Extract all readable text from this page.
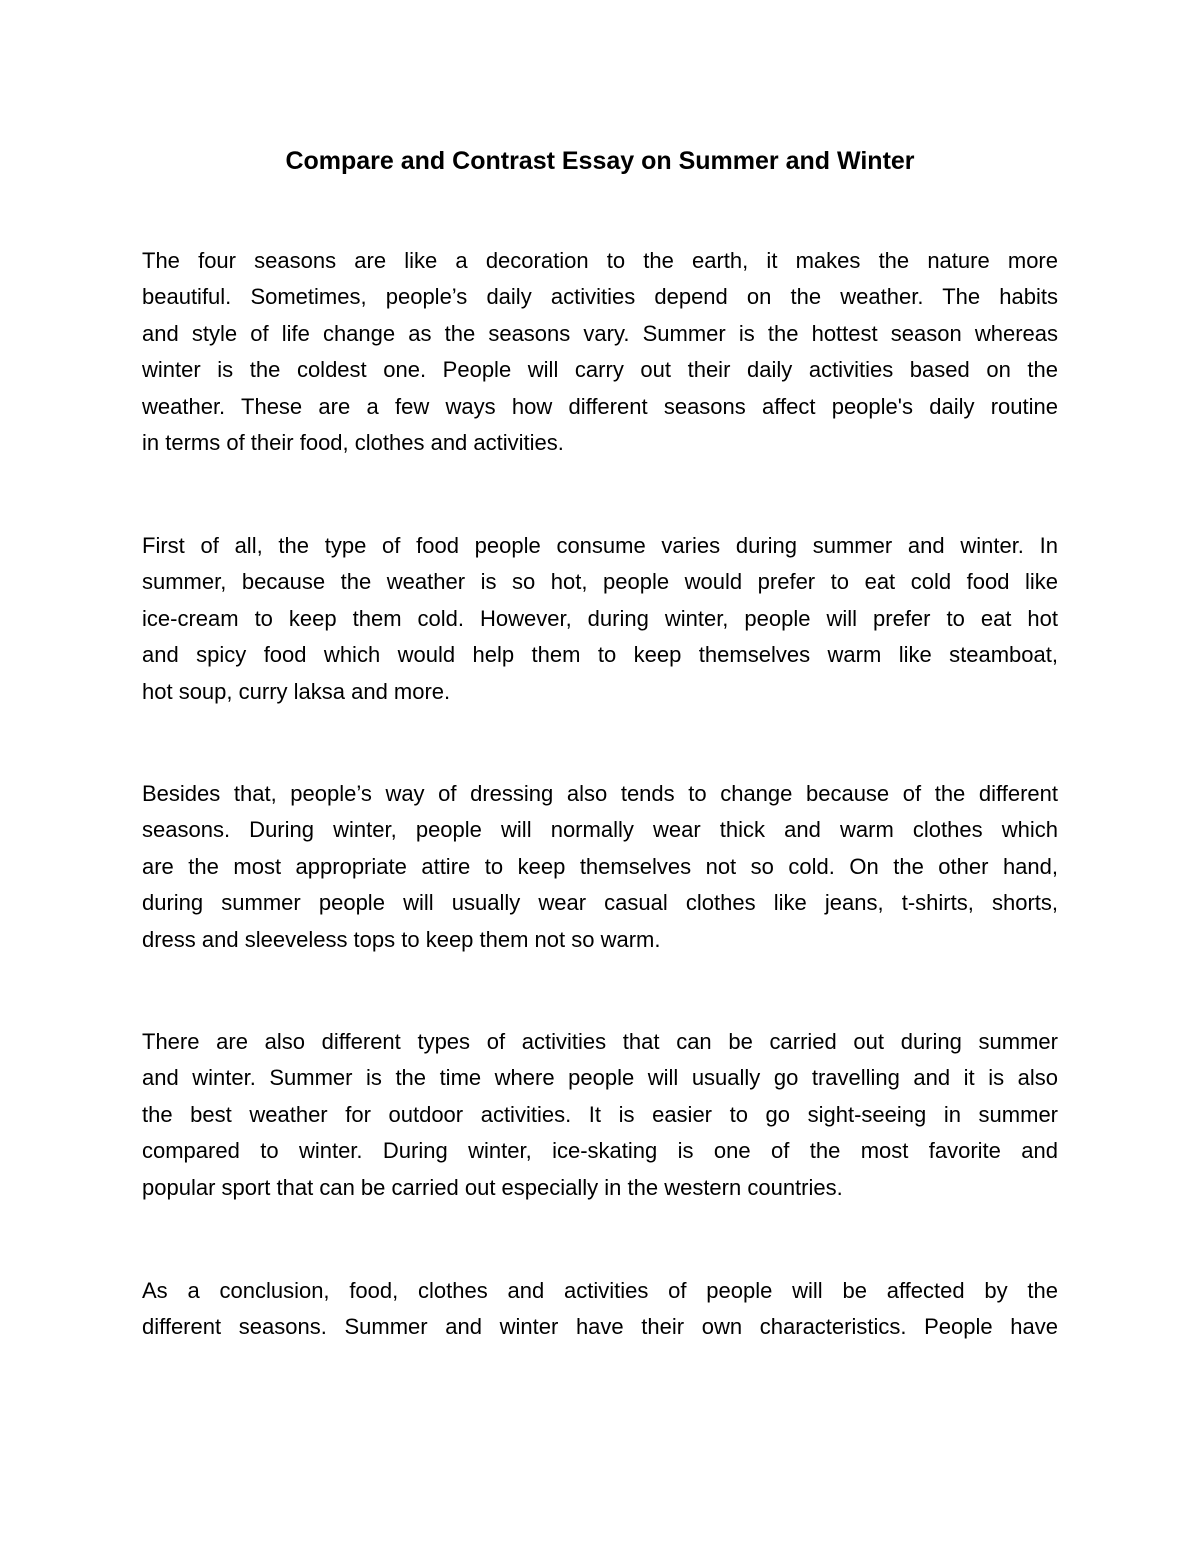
Compare and Contrast Essay on Summer and Winter

The four seasons are like a decoration to the earth, it makes the nature more
beautiful. Sometimes, people’s daily activities depend on the weather. The habits
and style of life change as the seasons vary. Summer is the hottest season whereas
winter is the coldest one. People will carry out their daily activities based on the
weather. These are a few ways how different seasons affect people's daily routine
in terms of their food, clothes and activities.

First of all, the type of food people consume varies during summer and winter. In
summer, because the weather is so hot, people would prefer to eat cold food like
ice-cream to keep them cold. However, during winter, people will prefer to eat hot
and spicy food which would help them to keep themselves warm like steamboat,
hot soup, curry laksa and more.

Besides that, people’s way of dressing also tends to change because of the different
seasons. During winter, people will normally wear thick and warm clothes which
are the most appropriate attire to keep themselves not so cold. On the other hand,
during summer people will usually wear casual clothes like jeans, t-shirts, shorts,
dress and sleeveless tops to keep them not so warm.

There are also different types of activities that can be carried out during summer
and winter. Summer is the time where people will usually go travelling and it is also
the best weather for outdoor activities. It is easier to go sight-seeing in summer
compared to winter. During winter, ice-skating is one of the most favorite and
popular sport that can be carried out especially in the western countries.

As a conclusion, food, clothes and activities of people will be affected by the
different seasons. Summer and winter have their own characteristics. People have
